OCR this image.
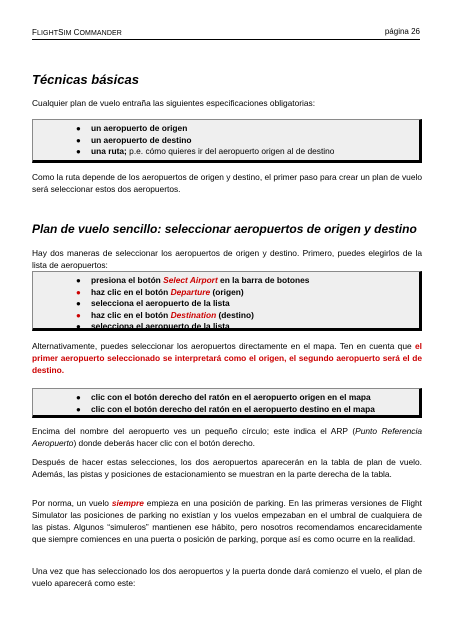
FLIGHTSIM COMMANDER	página 26
Técnicas básicas
Cualquier plan de vuelo entraña las siguientes especificaciones obligatorias:
● un aeropuerto de origen
● un aeropuerto de destino
● una ruta; p.e. cómo quieres ir del aeropuerto origen al de destino
Como la ruta depende de los aeropuertos de origen y destino, el primer paso para crear un plan de vuelo será seleccionar estos dos aeropuertos.
Plan de vuelo sencillo: seleccionar aeropuertos de origen y destino
Hay dos maneras de seleccionar los aeropuertos de origen y destino. Primero, puedes elegirlos de la lista de aeropuertos:
● presiona el botón Select Airport en la barra de botones
● haz clic en el botón Departure (origen)
● selecciona el aeropuerto de la lista
● haz clic en el botón Destination (destino)
● selecciona el aeropuerto de la lista
Alternativamente, puedes seleccionar los aeropuertos directamente en el mapa. Ten en cuenta que el primer aeropuerto seleccionado se interpretará como el origen, el segundo aeropuerto será el de destino.
● clic con el botón derecho del ratón en el aeropuerto origen en el mapa
● clic con el botón derecho del ratón en el aeropuerto destino en el mapa
Encima del nombre del aeropuerto ves un pequeño círculo; este indica el ARP (Punto Referencia Aeropuerto) donde deberás hacer clic con el botón derecho.
Después de hacer estas selecciones, los dos aeropuertos aparecerán en la tabla de plan de vuelo. Además, las pistas y posiciones de estacionamiento se muestran en la parte derecha de la tabla.
Por norma, un vuelo siempre empieza en una posición de parking. En las primeras versiones de Flight Simulator las posiciones de parking no existían y los vuelos empezaban en el umbral de cualquiera de las pistas. Algunos “simuleros” mantienen ese hábito, pero nosotros recomendamos encarecidamente que siempre comiences en una puerta o posición de parking, porque así es como ocurre en la realidad.
Una vez que has seleccionado los dos aeropuertos y la puerta donde dará comienzo el vuelo, el plan de vuelo aparecerá como este:
